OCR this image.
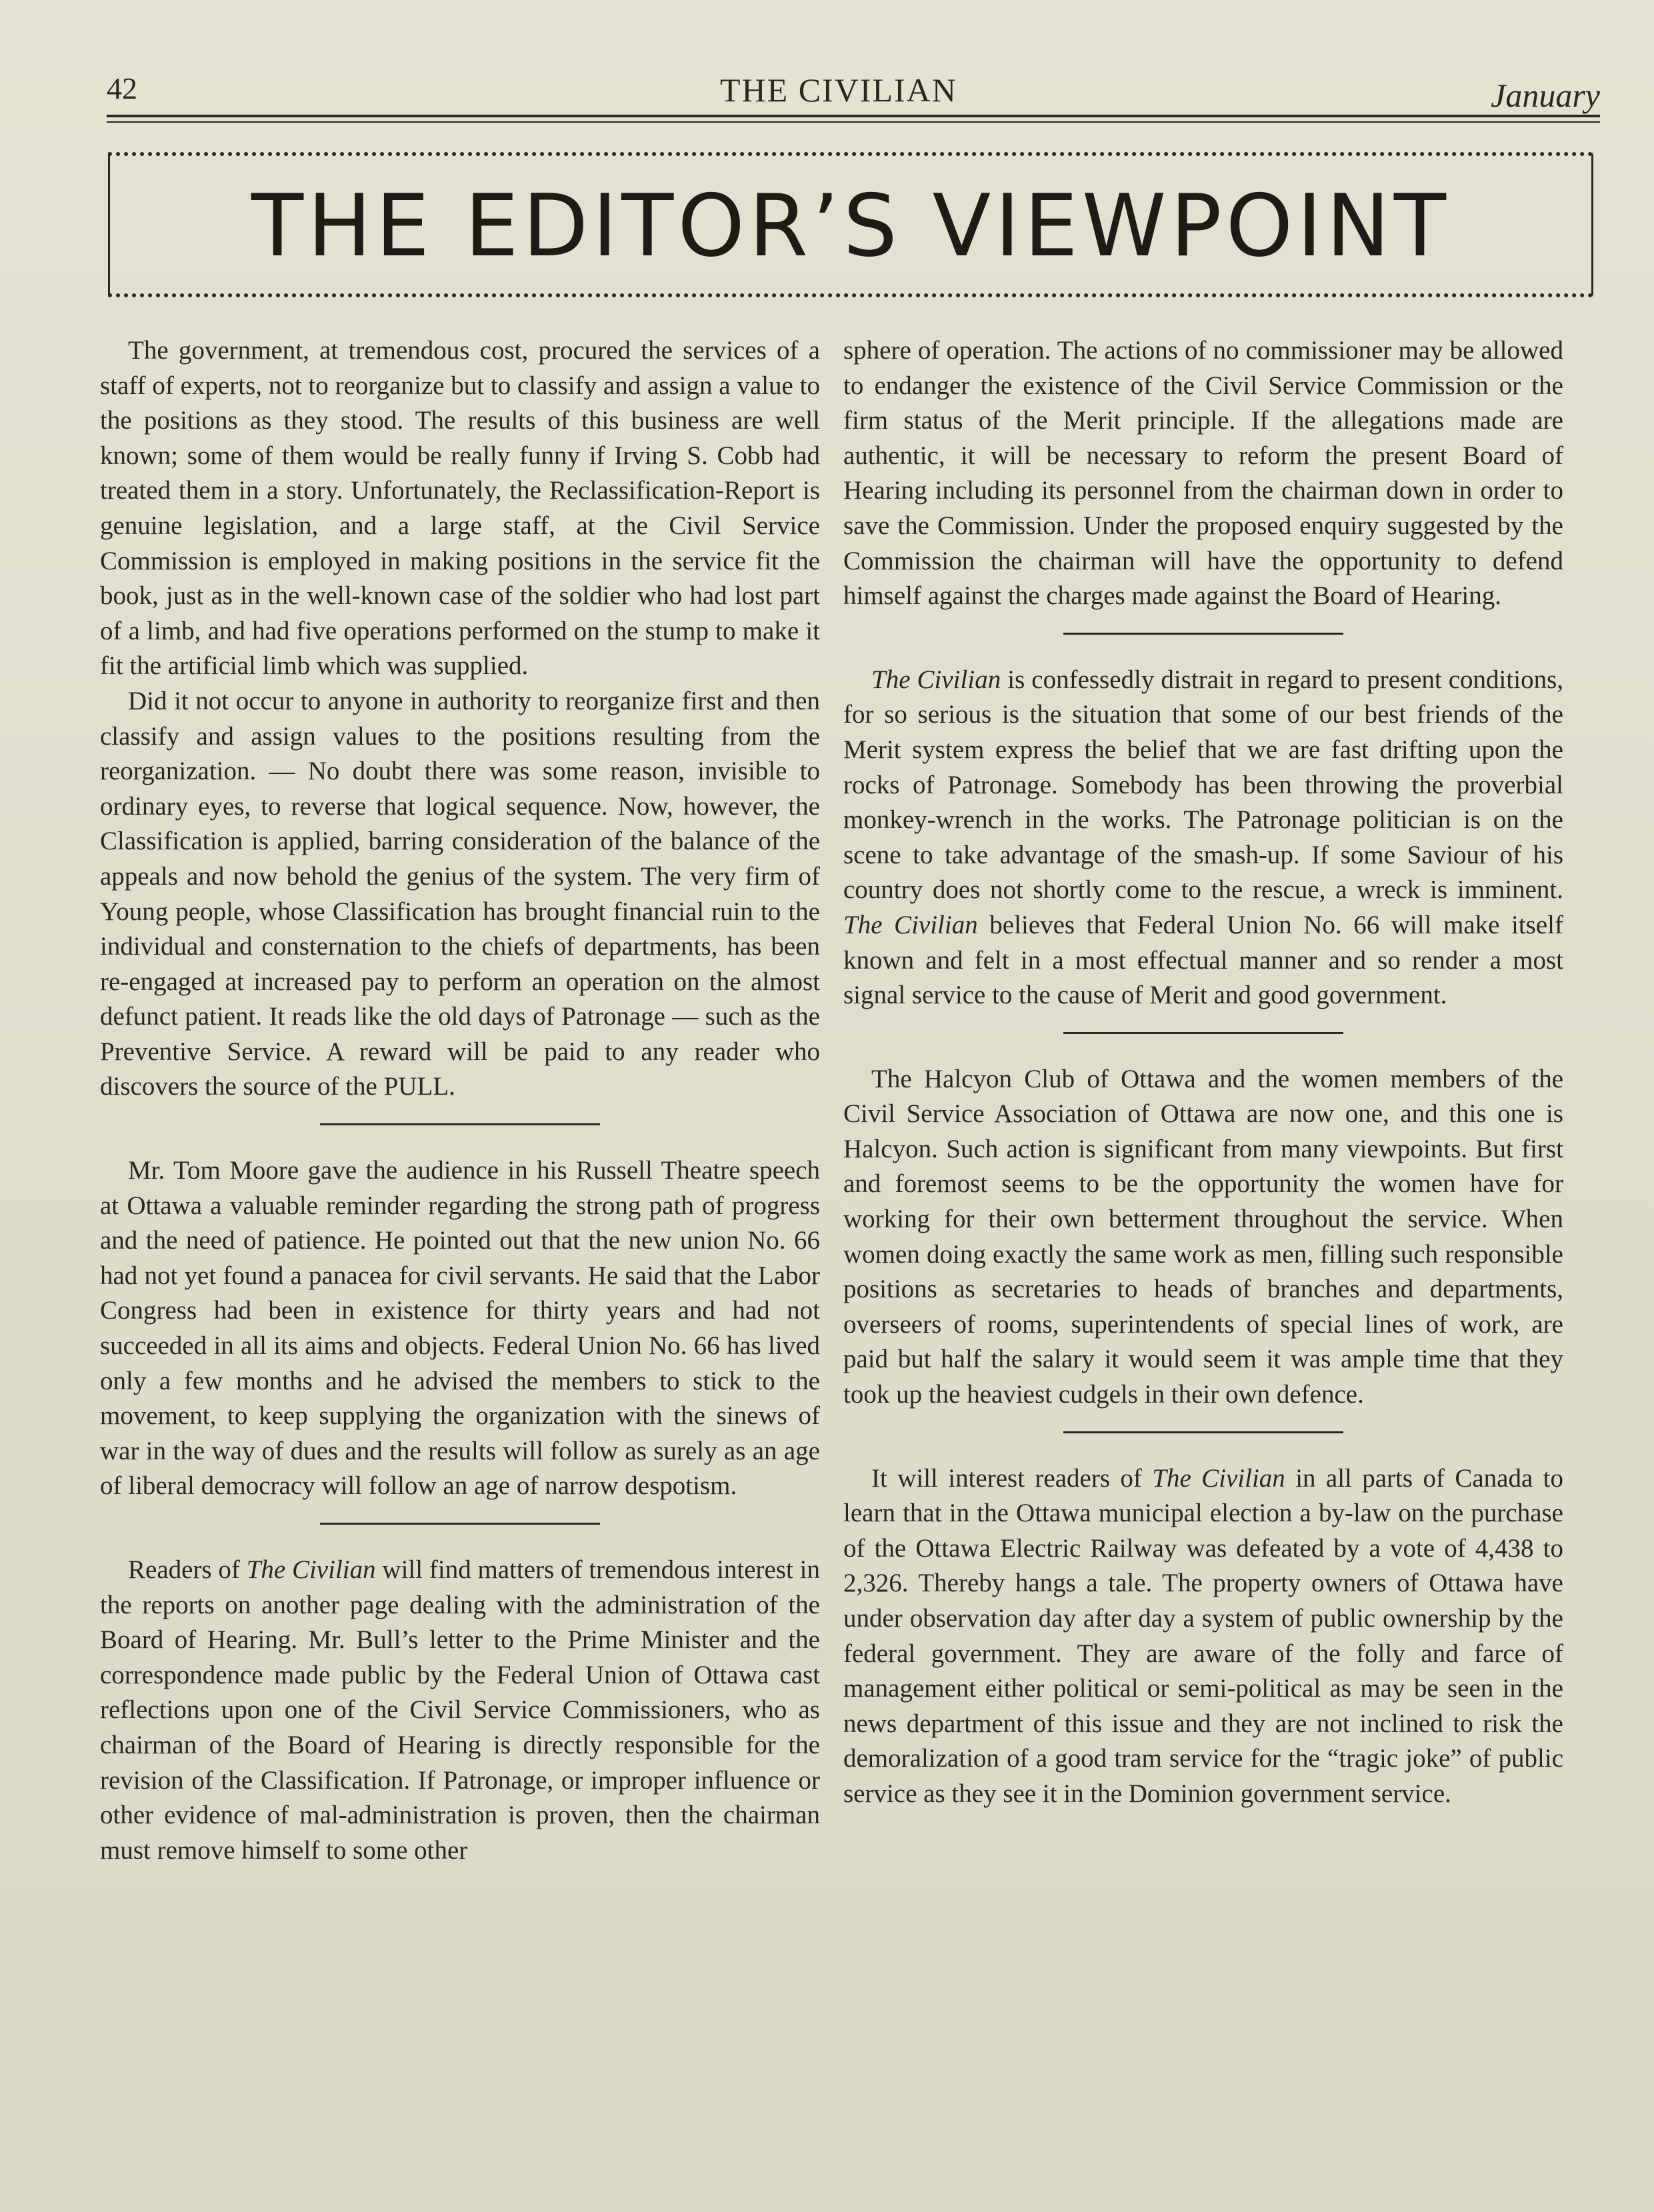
42	THE CIVILIAN	January
THE EDITOR’S VIEWPOINT

The government, at tremendous cost, procured the services of a staff of experts, not to reorganize but to classify and assign a value to the positions as they stood. The results of this business are well known; some of them would be really funny if Irving S. Cobb had treated them in a story. Unfortunately, the Reclassification-Report is genuine legislation, and a large staff, at the Civil Service Commission is employed in making positions in the service fit the book, just as in the well-known case of the soldier who had lost part of a limb, and had five operations performed on the stump to make it fit the artificial limb which was supplied.

Did it not occur to anyone in authority to reorganize first and then classify and assign values to the positions resulting from the reorganization. — No doubt there was some reason, invisible to ordinary eyes, to reverse that logical sequence. Now, however, the Classification is applied, barring consideration of the balance of the appeals and now behold the genius of the system. The very firm of Young people, whose Classification has brought financial ruin to the individual and consternation to the chiefs of departments, has been re-engaged at increased pay to perform an operation on the almost defunct patient. It reads like the old days of Patronage — such as the Preventive Service. A reward will be paid to any reader who discovers the source of the PULL.

Mr. Tom Moore gave the audience in his Russell Theatre speech at Ottawa a valuable reminder regarding the strong path of progress and the need of patience. He pointed out that the new union No. 66 had not yet found a panacea for civil servants. He said that the Labor Congress had been in existence for thirty years and had not succeeded in all its aims and objects. Federal Union No. 66 has lived only a few months and he advised the members to stick to the movement, to keep supplying the organization with the sinews of war in the way of dues and the results will follow as surely as an age of liberal democracy will follow an age of narrow despotism.

Readers of The Civilian will find matters of tremendous interest in the reports on another page dealing with the administration of the Board of Hearing. Mr. Bull’s letter to the Prime Minister and the correspondence made public by the Federal Union of Ottawa cast reflections upon one of the Civil Service Commissioners, who as chairman of the Board of Hearing is directly responsible for the revision of the Classification. If Patronage, or improper influence or other evidence of mal-administration is proven, then the chairman must remove himself to some other

sphere of operation. The actions of no commissioner may be allowed to endanger the existence of the Civil Service Commission or the firm status of the Merit principle. If the allegations made are authentic, it will be necessary to reform the present Board of Hearing including its personnel from the chairman down in order to save the Commission. Under the proposed enquiry suggested by the Commission the chairman will have the opportunity to defend himself against the charges made against the Board of Hearing.

The Civilian is confessedly distrait in regard to present conditions, for so serious is the situation that some of our best friends of the Merit system express the belief that we are fast drifting upon the rocks of Patronage. Somebody has been throwing the proverbial monkey-wrench in the works. The Patronage politician is on the scene to take advantage of the smash-up. If some Saviour of his country does not shortly come to the rescue, a wreck is imminent. The Civilian believes that Federal Union No. 66 will make itself known and felt in a most effectual manner and so render a most signal service to the cause of Merit and good government.

The Halcyon Club of Ottawa and the women members of the Civil Service Association of Ottawa are now one, and this one is Halcyon. Such action is significant from many viewpoints. But first and foremost seems to be the opportunity the women have for working for their own betterment throughout the service. When women doing exactly the same work as men, filling such responsible positions as secretaries to heads of branches and departments, overseers of rooms, superintendents of special lines of work, are paid but half the salary it would seem it was ample time that they took up the heaviest cudgels in their own defence.

It will interest readers of The Civilian in all parts of Canada to learn that in the Ottawa municipal election a by-law on the purchase of the Ottawa Electric Railway was defeated by a vote of 4,438 to 2,326. Thereby hangs a tale. The property owners of Ottawa have under observation day after day a system of public ownership by the federal government. They are aware of the folly and farce of management either political or semi-political as may be seen in the news department of this issue and they are not inclined to risk the demoralization of a good tram service for the “tragic joke” of public service as they see it in the Dominion government service.
